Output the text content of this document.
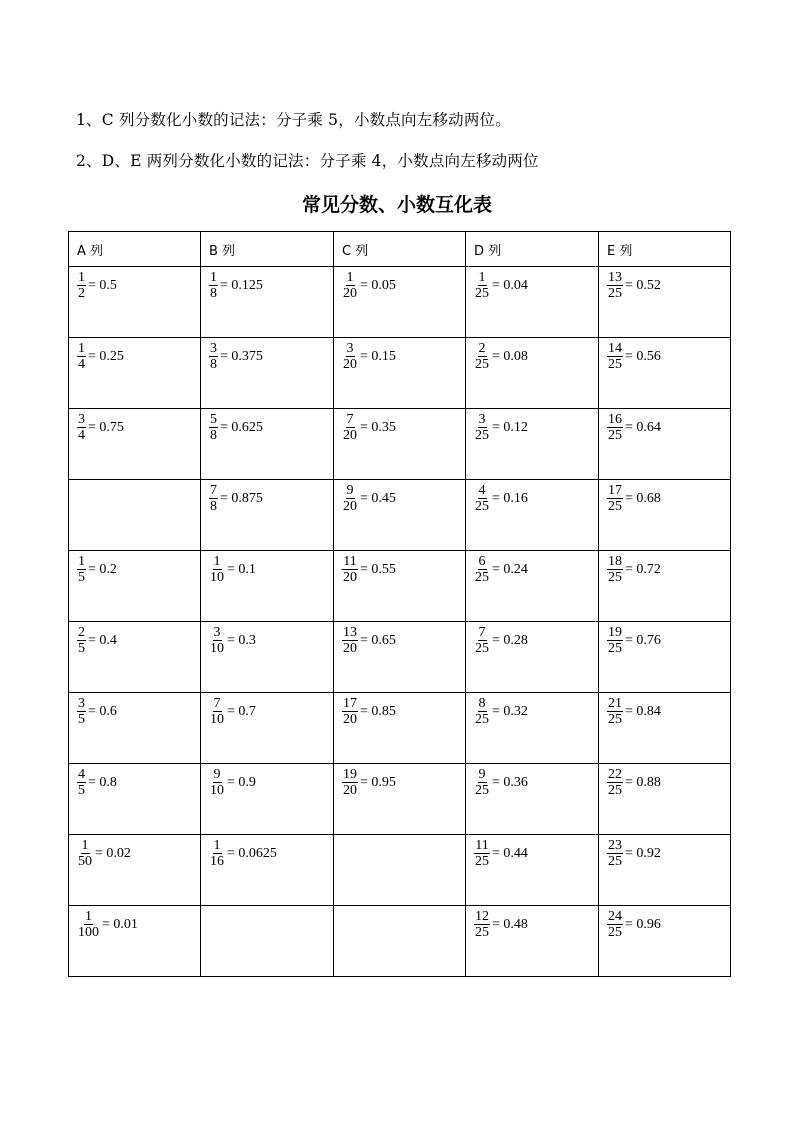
1、C 列分数化小数的记法：分子乘 5，小数点向左移动两位。
2、D、E 两列分数化小数的记法：分子乘 4，小数点向左移动两位
常见分数、小数互化表
A 列	B 列	C 列	D 列	E 列

$\frac{1}{2} = 0.5$	$\frac{1}{8} = 0.125$	$\frac{1}{20} = 0.05$	$\frac{1}{25} = 0.04$	$\frac{13}{25} = 0.52$

$\frac{1}{4} = 0.25$	$\frac{3}{8} = 0.375$	$\frac{3}{20} = 0.15$	$\frac{2}{25} = 0.08$	$\frac{14}{25} = 0.56$

$\frac{3}{4} = 0.75$	$\frac{5}{8} = 0.625$	$\frac{7}{20} = 0.35$	$\frac{3}{25} = 0.12$	$\frac{16}{25} = 0.64$

	$\frac{7}{8} = 0.875$	$\frac{9}{20} = 0.45$	$\frac{4}{25} = 0.16$	$\frac{17}{25} = 0.68$

$\frac{1}{5} = 0.2$	$\frac{1}{10} = 0.1$	$\frac{11}{20} = 0.55$	$\frac{6}{25} = 0.24$	$\frac{18}{25} = 0.72$

$\frac{2}{5} = 0.4$	$\frac{3}{10} = 0.3$	$\frac{13}{20} = 0.65$	$\frac{7}{25} = 0.28$	$\frac{19}{25} = 0.76$

$\frac{3}{5} = 0.6$	$\frac{7}{10} = 0.7$	$\frac{17}{20} = 0.85$	$\frac{8}{25} = 0.32$	$\frac{21}{25} = 0.84$

$\frac{4}{5} = 0.8$	$\frac{9}{10} = 0.9$	$\frac{19}{20} = 0.95$	$\frac{9}{25} = 0.36$	$\frac{22}{25} = 0.88$

$\frac{1}{50} = 0.02$	$\frac{1}{16} = 0.0625$		$\frac{11}{25} = 0.44$	$\frac{23}{25} = 0.92$

$\frac{1}{100} = 0.01$			$\frac{12}{25} = 0.48$	$\frac{24}{25} = 0.96$
